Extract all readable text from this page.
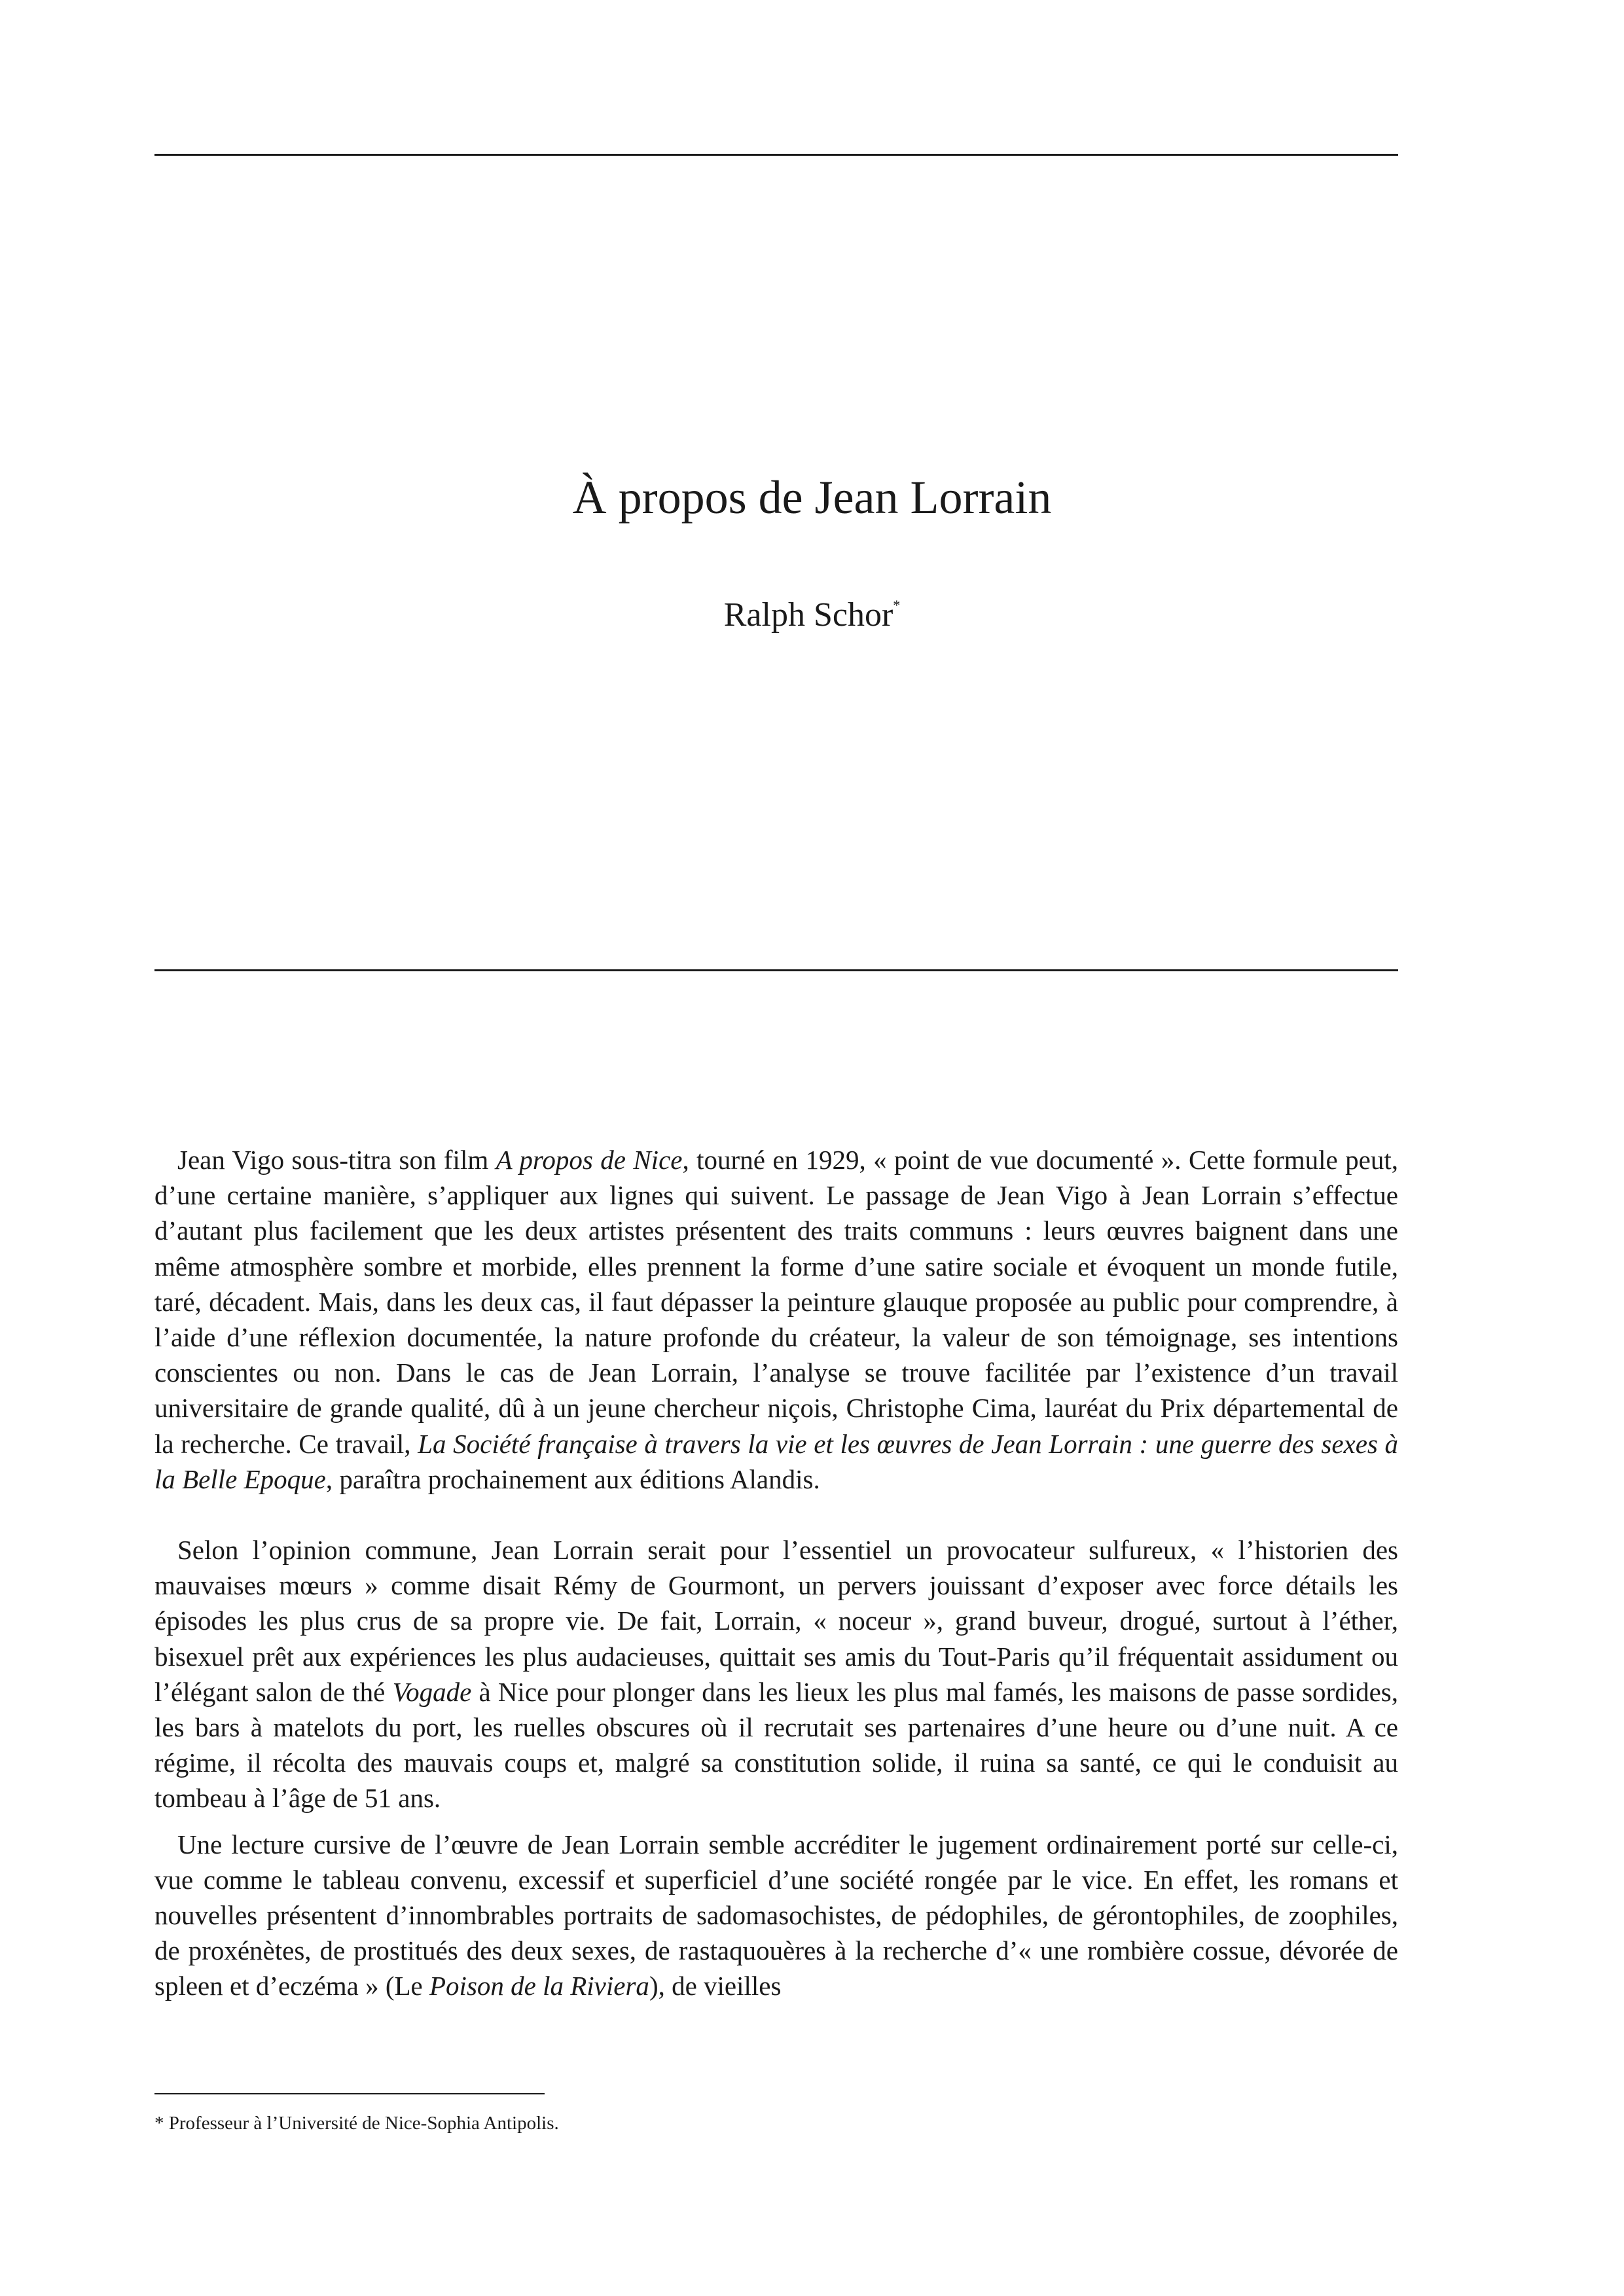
À propos de Jean Lorrain
Ralph Schor*

Jean Vigo sous-titra son film A propos de Nice, tourné en 1929, « point de vue documenté ». Cette formule peut, d’une certaine manière, s’appliquer aux lignes qui suivent. Le passage de Jean Vigo à Jean Lorrain s’effectue d’autant plus facilement que les deux artistes présentent des traits communs : leurs œuvres baignent dans une même atmosphère sombre et morbide, elles prennent la forme d’une satire sociale et évoquent un monde futile, taré, décadent. Mais, dans les deux cas, il faut dépasser la peinture glauque proposée au public pour comprendre, à l’aide d’une réflexion documentée, la nature profonde du créateur, la valeur de son témoignage, ses intentions conscientes ou non. Dans le cas de Jean Lorrain, l’analyse se trouve facilitée par l’existence d’un travail universitaire de grande qualité, dû à un jeune chercheur niçois, Christophe Cima, lauréat du Prix départemental de la recherche. Ce travail, La Société française à travers la vie et les œuvres de Jean Lorrain : une guerre des sexes à la Belle Epoque, paraîtra prochainement aux éditions Alandis.

Selon l’opinion commune, Jean Lorrain serait pour l’essentiel un provocateur sulfureux, « l’historien des mauvaises mœurs » comme disait Rémy de Gourmont, un pervers jouissant d’exposer avec force détails les épisodes les plus crus de sa propre vie. De fait, Lorrain, « noceur », grand buveur, drogué, surtout à l’éther, bisexuel prêt aux expériences les plus audacieuses, quittait ses amis du Tout-Paris qu’il fréquentait assidument ou l’élégant salon de thé Vogade à Nice pour plonger dans les lieux les plus mal famés, les maisons de passe sordides, les bars à matelots du port, les ruelles obscures où il recrutait ses partenaires d’une heure ou d’une nuit. A ce régime, il récolta des mauvais coups et, malgré sa constitution solide, il ruina sa santé, ce qui le conduisit au tombeau à l’âge de 51 ans.

Une lecture cursive de l’œuvre de Jean Lorrain semble accréditer le jugement ordinairement porté sur celle-ci, vue comme le tableau convenu, excessif et superficiel d’une société rongée par le vice. En effet, les romans et nouvelles présentent d’innombrables portraits de sadomasochistes, de pédophiles, de gérontophiles, de zoophiles, de proxénètes, de prostitués des deux sexes, de rastaquouères à la recherche d’« une rombière cossue, dévorée de spleen et d’eczéma » (Le Poison de la Riviera), de vieilles

* Professeur à l’Université de Nice-Sophia Antipolis.
